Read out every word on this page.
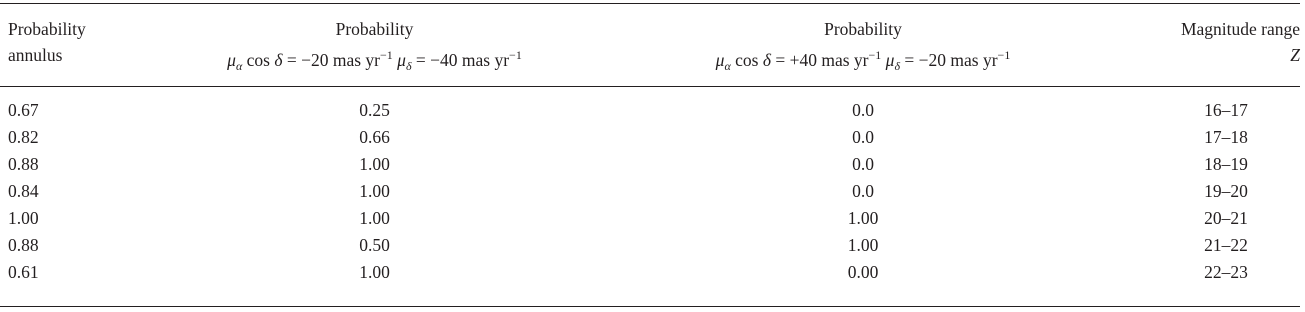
Probability
annulus
Probability
$\mu_\alpha$ cos δ = −20 mas $yr^{-1}$ $\mu_\delta = -40$ mas $yr^{-1}$
Probability
$\mu_\alpha$ cos δ = +40 mas $yr^{-1}$ $\mu_\delta = -20$ mas $yr^{-1}$
Magnitude range
Z
0.67	0.25	0.0	16–17
0.82	0.66	0.0	17–18
0.88	1.00	0.0	18–19
0.84	1.00	0.0	19–20
1.00	1.00	1.00	20–21
0.88	0.50	1.00	21–22
0.61	1.00	0.00	22–23
